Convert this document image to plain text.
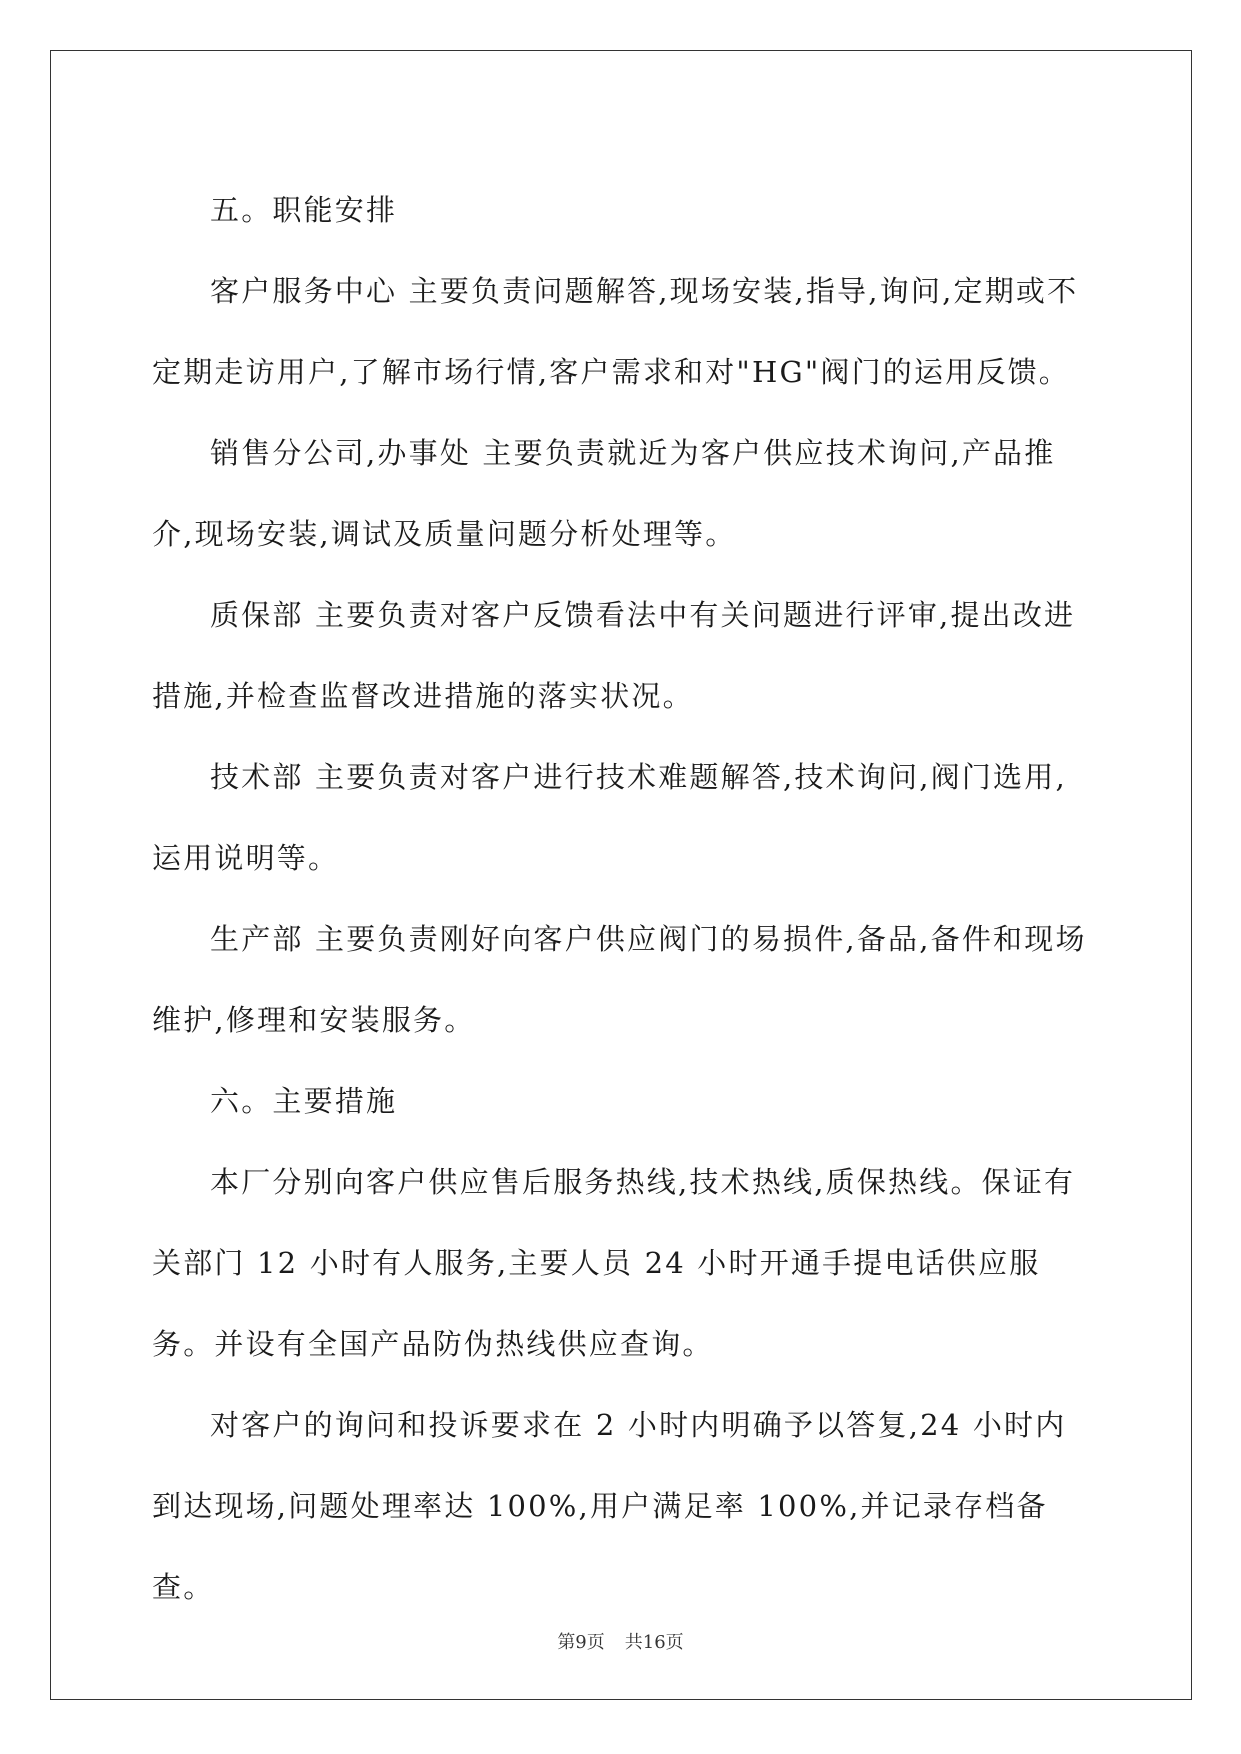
五。职能安排

客户服务中心 主要负责问题解答,现场安装,指导,询问,定期或不定期走访用户,了解市场行情,客户需求和对"HG"阀门的运用反馈。

销售分公司,办事处 主要负责就近为客户供应技术询问,产品推介,现场安装,调试及质量问题分析处理等。

质保部 主要负责对客户反馈看法中有关问题进行评审,提出改进措施,并检查监督改进措施的落实状况。

技术部 主要负责对客户进行技术难题解答,技术询问,阀门选用,运用说明等。

生产部 主要负责刚好向客户供应阀门的易损件,备品,备件和现场维护,修理和安装服务。

六。主要措施

本厂分别向客户供应售后服务热线,技术热线,质保热线。保证有关部门 12 小时有人服务,主要人员 24 小时开通手提电话供应服务。并设有全国产品防伪热线供应查询。

对客户的询问和投诉要求在 2 小时内明确予以答复,24 小时内到达现场,问题处理率达 100%,用户满足率 100%,并记录存档备查。

第9页 共16页
